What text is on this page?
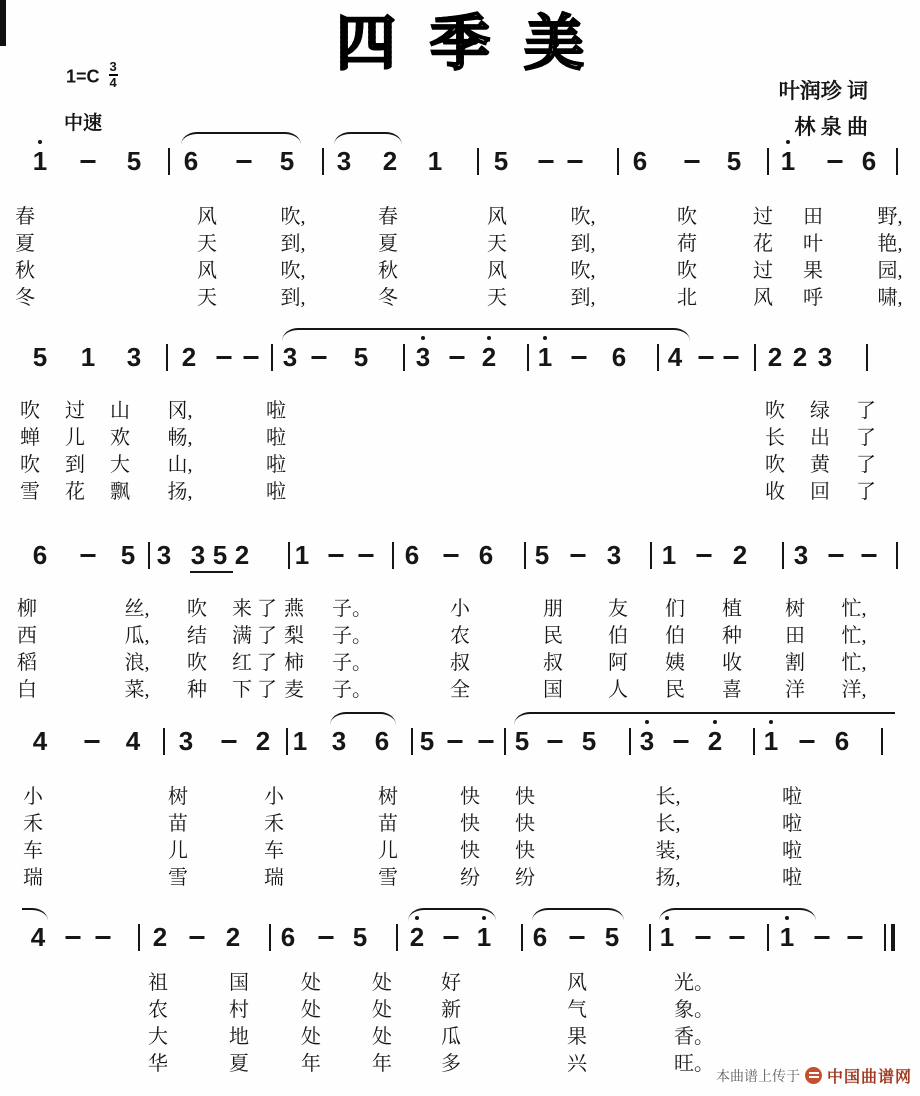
四季美
$1=C \frac{3}{4}$
中速
叶润珍 词
林 泉 曲
1	5 6	5 3 2 1 5	6	5 1	6
春	风	吹,	春	风	吹,	吹	过 田	野,
夏	天	到,	夏	天	到,	荷	花 叶	艳,
秋	风	吹,	秋	风	吹,	吹	过 果	园,
冬	天	到,	冬	天	到,	北	风 呼	啸,
5 1 3 2	3 5 3 2 1 6 4	2 2 3
吹 过 山 冈,	啦	吹 绿 了
蝉 儿 欢 畅,	啦	长 出 了
吹 到 大 山,	啦	吹 黄 了
雪 花 飘 扬,	啦	收 回 了
6	5 3 3 5 2 1	6 6 5 3 1 2 3
柳	丝, 吹 来 了 燕 子。	小	朋 友 们 植 树 忙,
西	瓜, 结 满 了 梨 子。	农	民 伯 伯 种 田 忙,
稻	浪, 吹 红 了 柿 子。	叔	叔 阿 姨 收 割 忙,
白	菜, 种 下 了 麦 子。	全	国 人 民 喜 洋 洋,
4	4 3 2 1 3 6 5	5 5 3 2 1 6
小	树	小	树	快 快	长,	啦
禾	苗	禾	苗	快 快	长,	啦
车	儿	车	儿	快 快	装,	啦
瑞	雪	瑞	雪	纷 纷	扬,	啦
4	2 2 6 5 2 1 6 5 1	1
祖	国	处	处 好	风	光。
农	村	处	处 新	气	象。
大	地	处	处 瓜	果	香。
华	夏	年	年 多	兴	旺。
本曲谱上传于 中国曲谱网
